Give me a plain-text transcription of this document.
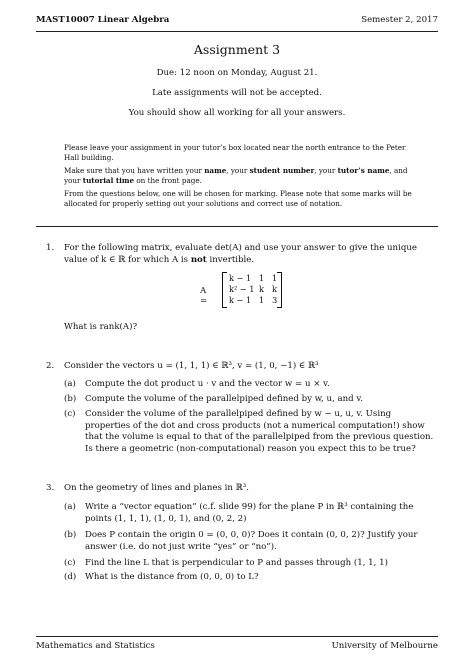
MAST10007 Linear Algebra	Semester 2, 2017
Assignment 3
Due: 12 noon on Monday, August 21.
Late assignments will not be accepted.
You should show all working for all your answers.

Please leave your assignment in your tutor’s box located near the north entrance to the Peter Hall building.

Make sure that you have written your name, your student number, your tutor’s name, and your tutorial time on the front page.

From the questions below, one will be chosen for marking. Please note that some marks will be allocated for properly setting out your solutions and correct use of notation.

1. For the following matrix, evaluate det(A) and use your answer to give the unique value of k ∈ ℝ for which A is not invertible.
A =
k − 1 1 1
k² − 1 k k
k − 1 1 3
What is rank(A)?
2. Consider the vectors u = (1, 1, 1) ∈ ℝ³, v = (1, 0, −1) ∈ ℝ³
(a) Compute the dot product u · v and the vector w = u × v.
(b) Compute the volume of the parallelpiped defined by w, u, and v.
(c) Consider the volume of the parallelpiped defined by w − u, u, v. Using properties of the dot and cross products (not a numerical computation!) show that the volume is equal to that of the parallelpiped from the previous question. Is there a geometric (non-computational) reason you expect this to be true?
3. On the geometry of lines and planes in ℝ³.
(a) Write a “vector equation” (c.f. slide 99) for the plane P in ℝ³ containing the points (1, 1, 1), (1, 0, 1), and (0, 2, 2)
(b) Does P contain the origin 0 = (0, 0, 0)? Does it contain (0, 0, 2)? Justify your answer (i.e. do not just write “yes” or “no”).
(c) Find the line L that is perpendicular to P and passes through (1, 1, 1)
(d) What is the distance from (0, 0, 0) to L?
Mathematics and Statistics	University of Melbourne
